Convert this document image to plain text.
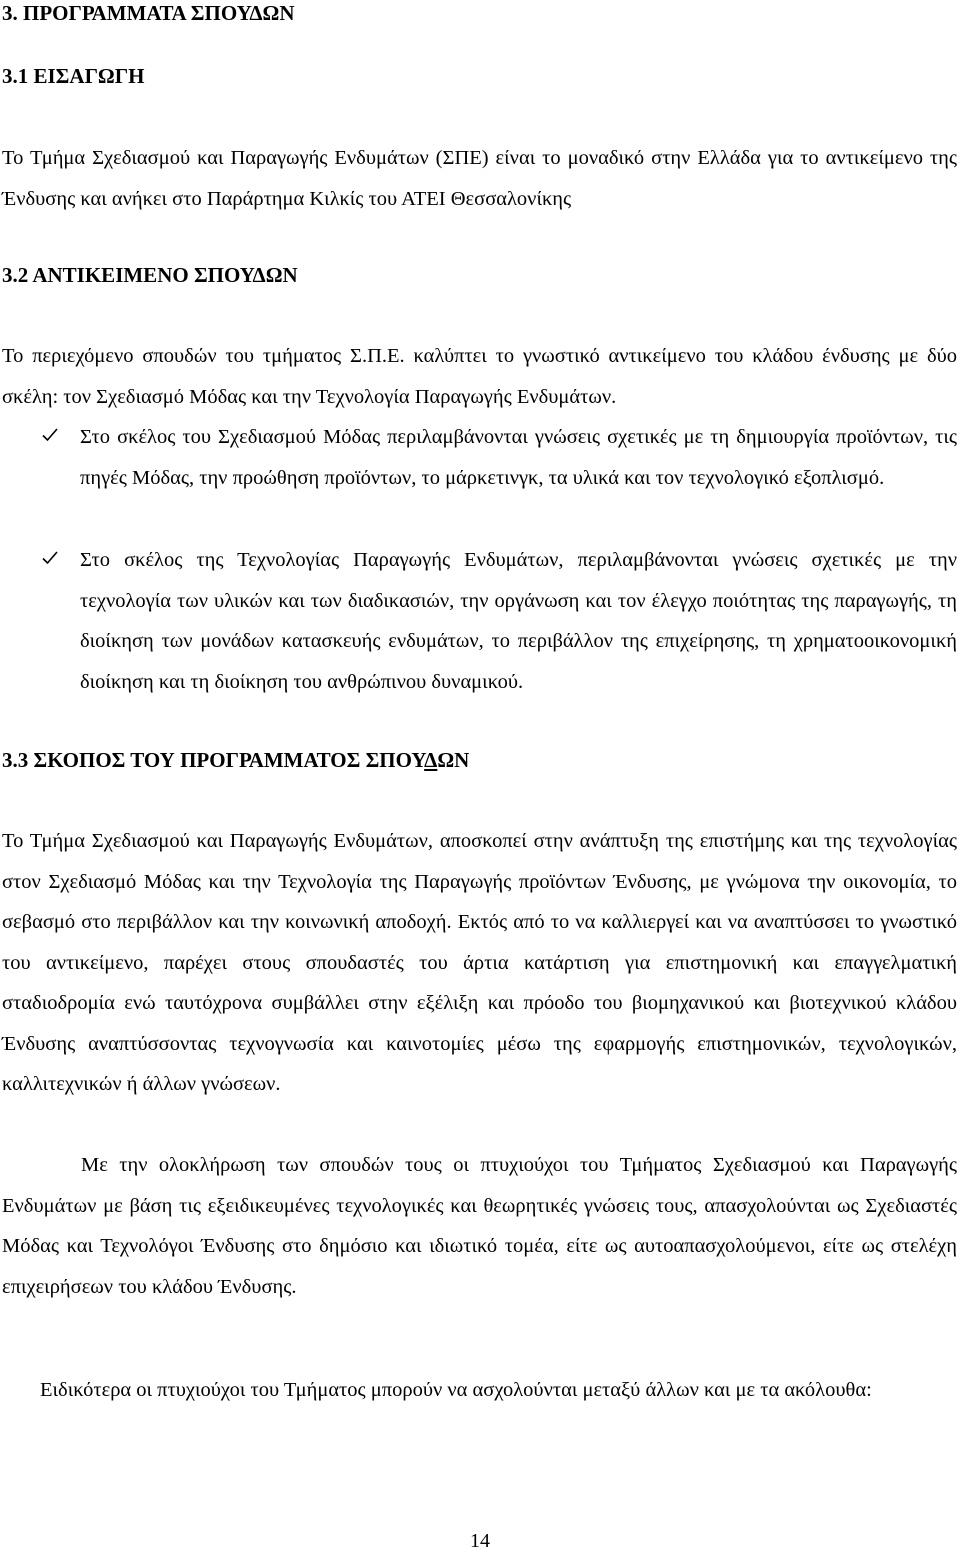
3. ΠΡΟΓΡΑΜΜΑΤΑ ΣΠΟΥΔΩΝ
3.1 ΕΙΣΑΓΩΓΗ
Το Τμήμα Σχεδιασμού και Παραγωγής Ενδυμάτων (ΣΠΕ) είναι το μοναδικό στην Ελλάδα για το αντικείμενο της Ένδυσης και ανήκει στο Παράρτημα Κιλκίς του ΑΤΕΙ Θεσσαλονίκης
3.2 ΑΝΤΙΚΕΙΜΕΝΟ ΣΠΟΥΔΩΝ
Το περιεχόμενο σπουδών του τμήματος Σ.Π.Ε. καλύπτει το γνωστικό αντικείμενο του κλάδου ένδυσης με δύο σκέλη: τον Σχεδιασμό Μόδας και την Τεχνολογία Παραγωγής Ενδυμάτων.
Στο σκέλος του Σχεδιασμού Μόδας περιλαμβάνονται γνώσεις σχετικές με τη δημιουργία προϊόντων, τις πηγές Μόδας, την προώθηση προϊόντων, το μάρκετινγκ, τα υλικά και τον τεχνολογικό εξοπλισμό.
Στο σκέλος της Τεχνολογίας Παραγωγής Ενδυμάτων, περιλαμβάνονται γνώσεις σχετικές με την τεχνολογία των υλικών και των διαδικασιών, την οργάνωση και τον έλεγχο ποιότητας της παραγωγής, τη διοίκηση των μονάδων κατασκευής ενδυμάτων, το περιβάλλον της επιχείρησης, τη χρηματοοικονομική διοίκηση και τη διοίκηση του ανθρώπινου δυναμικού.
3.3 ΣΚΟΠΟΣ ΤΟΥ ΠΡΟΓΡΑΜΜΑΤΟΣ ΣΠΟΥΔΩΝ
Το Τμήμα Σχεδιασμού και Παραγωγής Ενδυμάτων, αποσκοπεί στην ανάπτυξη της επιστήμης και της τεχνολογίας στον Σχεδιασμό Μόδας και την Τεχνολογία της Παραγωγής προϊόντων Ένδυσης, με γνώμονα την οικονομία, το σεβασμό στο περιβάλλον και την κοινωνική αποδοχή. Εκτός από το να καλλιεργεί και να αναπτύσσει το γνωστικό του αντικείμενο, παρέχει στους σπουδαστές του άρτια κατάρτιση για επιστημονική και επαγγελματική σταδιοδρομία ενώ ταυτόχρονα συμβάλλει στην εξέλιξη και πρόοδο του βιομηχανικού και βιοτεχνικού κλάδου Ένδυσης αναπτύσσοντας τεχνογνωσία και καινοτομίες μέσω της εφαρμογής επιστημονικών, τεχνολογικών, καλλιτεχνικών ή άλλων γνώσεων.
Με την ολοκλήρωση των σπουδών τους οι πτυχιούχοι του Τμήματος Σχεδιασμού και Παραγωγής Ενδυμάτων με βάση τις εξειδικευμένες τεχνολογικές και θεωρητικές γνώσεις τους, απασχολούνται ως Σχεδιαστές Μόδας και Τεχνολόγοι Ένδυσης στο δημόσιο και ιδιωτικό τομέα, είτε ως αυτοαπασχολούμενοι, είτε ως στελέχη επιχειρήσεων του κλάδου Ένδυσης.
Ειδικότερα οι πτυχιούχοι του Τμήματος μπορούν να ασχολούνται μεταξύ άλλων και με τα ακόλουθα:
14
